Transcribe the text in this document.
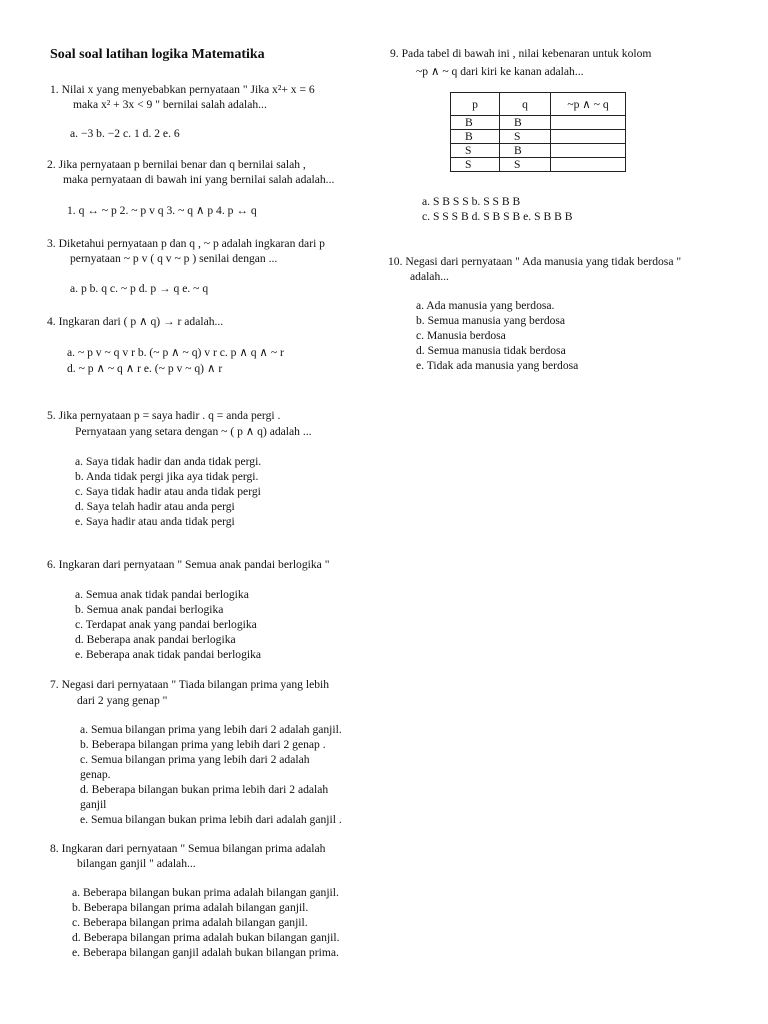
Soal soal latihan logika Matematika
1. Nilai x yang menyebabkan pernyataan " Jika x²+ x = 6
maka x² + 3x < 9 " bernilai salah adalah...
a. −3 b. −2 c. 1 d. 2 e. 6
2. Jika pernyataan p bernilai benar dan q bernilai salah ,
maka pernyataan di bawah ini yang bernilai salah adalah...
1. q ↔ ~ p 2. ~ p v q 3. ~ q ∧ p 4. p ↔ q
3. Diketahui pernyataan p dan q , ~ p adalah ingkaran dari p
pernyataan ~ p v ( q v ~ p ) senilai dengan ...
a. p b. q c. ~ p d. p → q e. ~ q
4. Ingkaran dari ( p ∧ q) → r adalah...
a. ~ p v ~ q v r b. (~ p ∧ ~ q) v r c. p ∧ q ∧ ~ r
d. ~ p ∧ ~ q ∧ r e. (~ p v ~ q) ∧ r
5. Jika pernyataan p = saya hadir . q = anda pergi .
Pernyataan yang setara dengan ~ ( p ∧ q) adalah ...
a. Saya tidak hadir dan anda tidak pergi.
b. Anda tidak pergi jika aya tidak pergi.
c. Saya tidak hadir atau anda tidak pergi
d. Saya telah hadir atau anda pergi
e. Saya hadir atau anda tidak pergi
6. Ingkaran dari pernyataan " Semua anak pandai berlogika "
a. Semua anak tidak pandai berlogika
b. Semua anak pandai berlogika
c. Terdapat anak yang pandai berlogika
d. Beberapa anak pandai berlogika
e. Beberapa anak tidak pandai berlogika
7. Negasi dari pernyataan " Tiada bilangan prima yang lebih
dari 2 yang genap "
a. Semua bilangan prima yang lebih dari 2 adalah ganjil.
b. Beberapa bilangan prima yang lebih dari 2 genap .
c. Semua bilangan prima yang lebih dari 2 adalah
genap.
d. Beberapa bilangan bukan prima lebih dari 2 adalah
ganjil
e. Semua bilangan bukan prima lebih dari adalah ganjil .
8. Ingkaran dari pernyataan " Semua bilangan prima adalah
bilangan ganjil " adalah...
a. Beberapa bilangan bukan prima adalah bilangan ganjil.
b. Beberapa bilangan prima adalah bilangan ganjil.
c. Beberapa bilangan prima adalah bilangan ganjil.
d. Beberapa bilangan prima adalah bukan bilangan ganjil.
e. Beberapa bilangan ganjil adalah bukan bilangan prima.
9. Pada tabel di bawah ini , nilai kebenaran untuk kolom
~p ∧ ~ q dari kiri ke kanan adalah...
p	q	~p ∧ ~ q
B	B	
B	S	
S	B	
S	S	
a. S B S S b. S S B B
c. S S S B d. S B S B e. S B B B
10. Negasi dari pernyataan " Ada manusia yang tidak berdosa "
adalah...
a. Ada manusia yang berdosa.
b. Semua manusia yang berdosa
c. Manusia berdosa
d. Semua manusia tidak berdosa
e. Tidak ada manusia yang berdosa
